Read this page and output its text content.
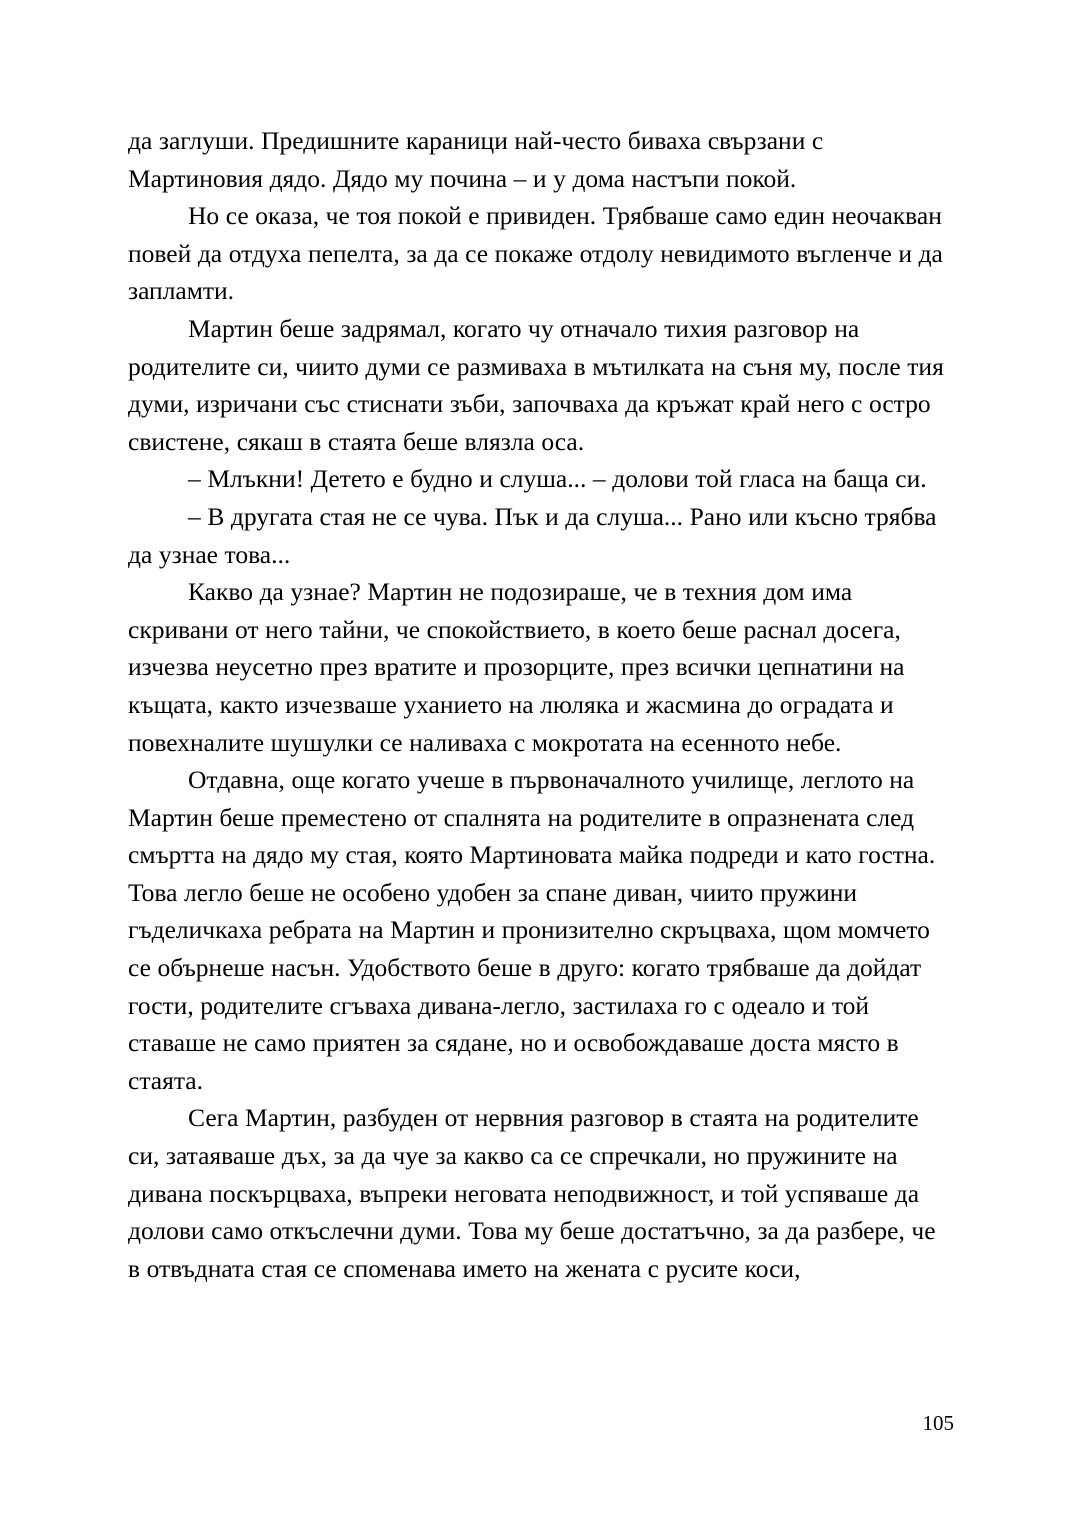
да заглуши. Предишните караници най-често биваха свързани с Мартиновия дядо. Дядо му почина – и у дома настъпи покой.

Но се оказа, че тоя покой е привиден. Трябваше само един неочакван повей да отдуха пепелта, за да се покаже отдолу невидимото въгленче и да запламти.

Мартин беше задрямал, когато чу отначало тихия разговор на родителите си, чиито думи се размиваха в мътилката на съня му, после тия думи, изричани със стиснати зъби, започваха да кръжат край него с остро свистене, сякаш в стаята беше влязла оса.

– Млъкни! Детето е будно и слуша... – долови той гласа на баща си.

– В другата стая не се чува. Пък и да слуша... Рано или късно трябва да узнае това...

Какво да узнае? Мартин не подозираше, че в техния дом има скривани от него тайни, че спокойствието, в което беше раснал досега, изчезва неусетно през вратите и прозорците, през всички цепнатини на къщата, както изчезваше уханието на люляка и жасмина до оградата и повехналите шушулки се наливаха с мокротата на есенното небе.

Отдавна, още когато учеше в първоначалното училище, леглото на Мартин беше преместено от спалнята на родителите в опразнената след смъртта на дядо му стая, която Мартиновата майка подреди и като гостна. Това легло беше не особено удобен за спане диван, чиито пружини гъделичкаха ребрата на Мартин и пронизително скръцваха, щом момчето се обърнеше насън. Удобството беше в друго: когато трябваше да дойдат гости, родителите сгъваха дивана-легло, застилаха го с одеало и той ставаше не само приятен за сядане, но и освобождаваше доста място в стаята.

Сега Мартин, разбуден от нервния разговор в стаята на родителите си, затаяваше дъх, за да чуе за какво са се спречкали, но пружините на дивана поскърцваха, въпреки неговата неподвижност, и той успяваше да долови само откъслечни думи. Това му беше достатъчно, за да разбере, че в отвъдната стая се споменава името на жената с русите коси,

105
